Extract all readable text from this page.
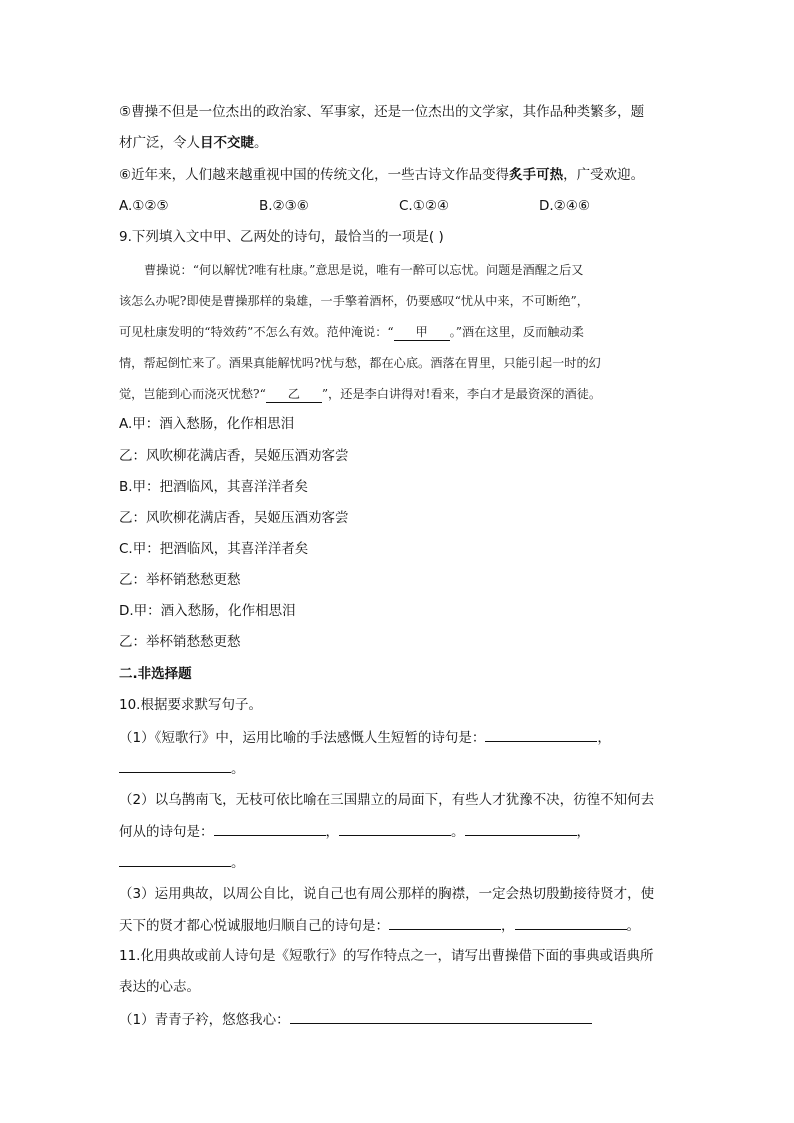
⑤曹操不但是一位杰出的政治家、军事家，还是一位杰出的文学家，其作品种类繁多，题
材广泛，令人目不交睫。
⑥近年来，人们越来越重视中国的传统文化，一些古诗文作品变得炙手可热，广受欢迎。
A.①②⑤	B.②③⑥	C.①②④	D.②④⑥
9.下列填入文中甲、乙两处的诗句，最恰当的一项是( )
曹操说：“何以解忧?唯有杜康。”意思是说，唯有一醉可以忘忧。问题是酒醒之后又
该怎么办呢?即使是曹操那样的枭雄，一手擎着酒杯，仍要感叹“忧从中来，不可断绝”，
可见杜康发明的“特效药”不怎么有效。范仲淹说：“ 甲 。”酒在这里，反而触动柔
情，帮起倒忙来了。酒果真能解忧吗?忧与愁，都在心底。酒落在胃里，只能引起一时的幻
觉，岂能到心而浇灭忧愁?“ 乙 ”，还是李白讲得对!看来，李白才是最资深的酒徒。
A.甲：酒入愁肠，化作相思泪
乙：风吹柳花满店香，吴姬压酒劝客尝
B.甲：把酒临风，其喜洋洋者矣
乙：风吹柳花满店香，吴姬压酒劝客尝
C.甲：把酒临风，其喜洋洋者矣
乙：举杯销愁愁更愁
D.甲：酒入愁肠，化作相思泪
乙：举杯销愁愁更愁
二.非选择题
10.根据要求默写句子。
（1）《短歌行》中，运用比喻的手法感慨人生短暂的诗句是：	，
。
（2）以乌鹊南飞，无枝可依比喻在三国鼎立的局面下，有些人才犹豫不决，彷徨不知何去
何从的诗句是：	，	。	，
。
（3）运用典故，以周公自比，说自己也有周公那样的胸襟，一定会热切殷勤接待贤才，使
天下的贤才都心悦诚服地归顺自己的诗句是：	，	。
11.化用典故或前人诗句是《短歌行》的写作特点之一，请写出曹操借下面的事典或语典所
表达的心志。
（1）青青子衿，悠悠我心：
